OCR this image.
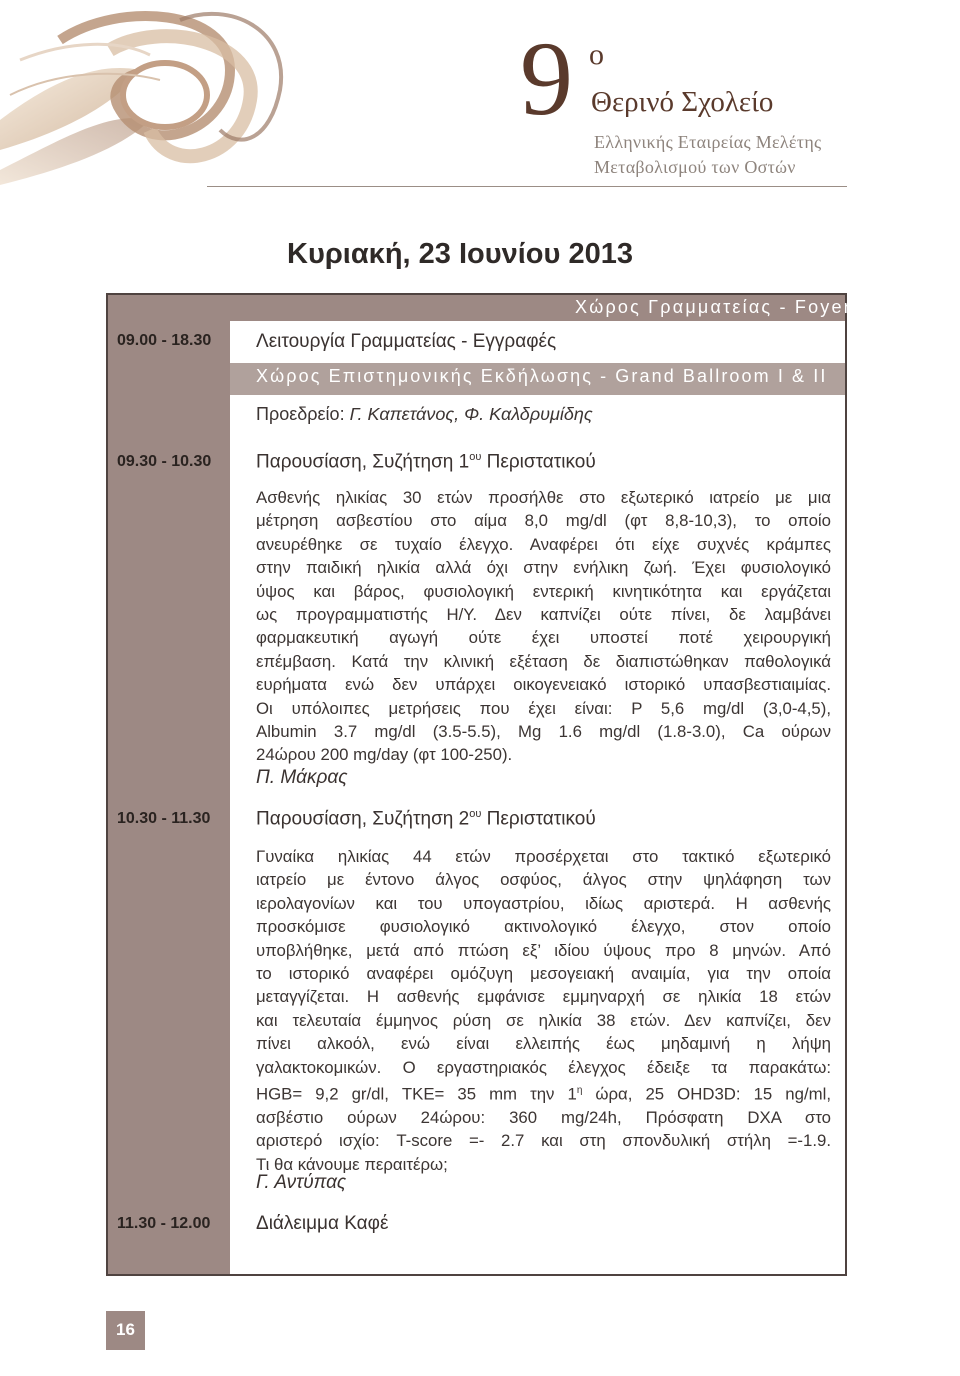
9 ο
Θερινό Σχολείο
Ελληνικής Εταιρείας Μελέτης
Μεταβολισμού των Οστών
Κυριακή, 23 Ιουνίου 2013
Χώρος Γραμματείας - Foyer
Χώρος Επιστημονικής Εκδήλωσης - Grand Ballroom I & II
09.00 - 18.30 Λειτουργία Γραμματείας - Εγγραφές
Προεδρείο: Γ. Καπετάνος, Φ. Καλδρυμίδης
09.30 - 10.30 Παρουσίαση, Συζήτηση $1^{o\upsilon}$ Περιστατικού
Ασθενής ηλικίας 30 ετών προσήλθε στο εξωτερικό ιατρείο με μια
μέτρηση ασβεστίου στο αίμα 8,0 mg/dl (φτ 8,8-10,3), το οποίο
ανευρέθηκε σε τυχαίο έλεγχο. Αναφέρει ότι είχε συχνές κράμπες
στην παιδική ηλικία αλλά όχι στην ενήλικη ζωή. Έχει φυσιολογικό
ύψος και βάρος, φυσιολογική εντερική κινητικότητα και εργάζεται
ως προγραμματιστής Η/Υ. Δεν καπνίζει ούτε πίνει, δε λαμβάνει
φαρμακευτική αγωγή ούτε έχει υποστεί ποτέ χειρουργική
επέμβαση. Κατά την κλινική εξέταση δε διαπιστώθηκαν παθολογικά
ευρήματα ενώ δεν υπάρχει οικογενειακό ιστορικό υπασβεστιαιμίας.
Οι υπόλοιπες μετρήσεις που έχει είναι: P 5,6 mg/dl (3,0-4,5),
Albumin 3.7 mg/dl (3.5-5.5), Mg 1.6 mg/dl (1.8-3.0), Ca ούρων
24ώρου 200 mg/day (φτ 100-250).
Π. Μάκρας
10.30 - 11.30 Παρουσίαση, Συζήτηση $2^{o\upsilon}$ Περιστατικού
Γυναίκα ηλικίας 44 ετών προσέρχεται στο τακτικό εξωτερικό
ιατρείο με έντονο άλγος οσφύος, άλγος στην ψηλάφηση των
ιερολαγονίων και του υπογαστρίου, ιδίως αριστερά. Η ασθενής
προσκόμισε φυσιολογικό ακτινολογικό έλεγχο, στον οποίο
υποβλήθηκε, μετά από πτώση εξ’ ιδίου ύψους προ 8 μηνών. Από
το ιστορικό αναφέρει ομόζυγη μεσογειακή αναιμία, για την οποία
μεταγγίζεται. Η ασθενής εμφάνισε εμμηναρχή σε ηλικία 18 ετών
και τελευταία έμμηνος ρύση σε ηλικία 38 ετών. Δεν καπνίζει, δεν
πίνει αλκοόλ, ενώ είναι ελλειπής έως μηδαμινή η λήψη
γαλακτοκομικών. Ο εργαστηριακός έλεγχος έδειξε τα παρακάτω:
HGB= 9,2 gr/dl, ΤΚΕ= 35 mm την $1^\eta$ ώρα, 25 OHD3D: 15 ng/ml,
ασβέστιο ούρων 24ώρου: 360 mg/24h, Πρόσφατη DXA στο
αριστερό ισχίο: T-score =- 2.7 και στη σπονδυλική στήλη =-1.9.
Τι θα κάνουμε περαιτέρω;
Γ. Αντύπας
11.30 - 12.00 Διάλειμμα Καφέ
16
